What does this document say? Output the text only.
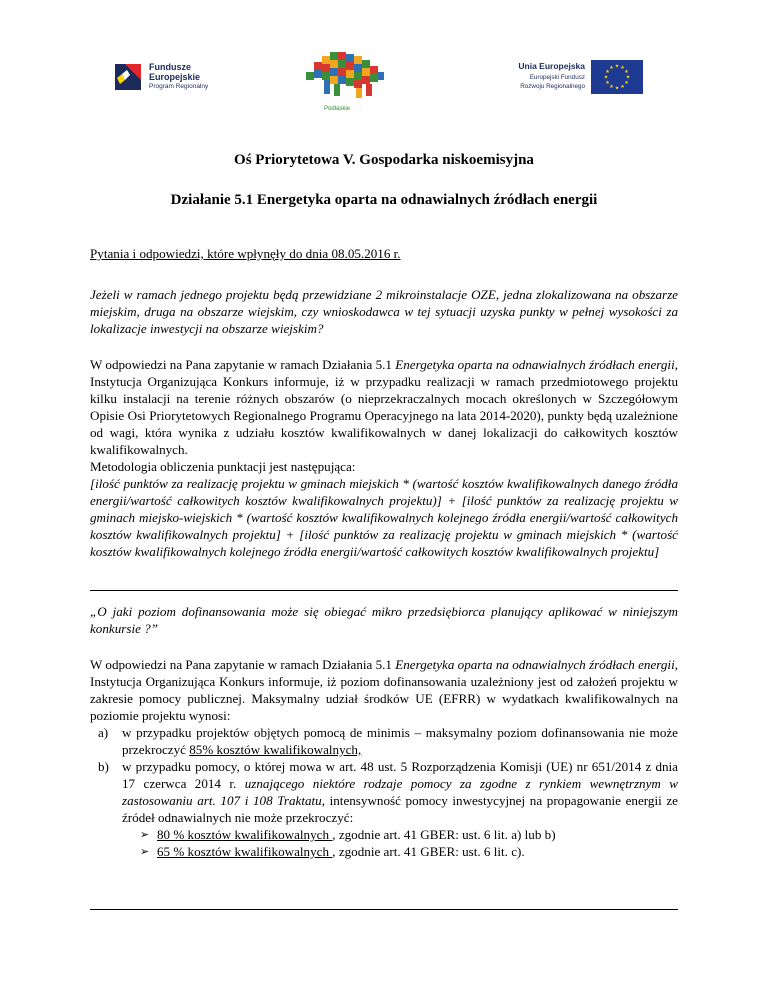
Fundusze
Europejskie
Program Regionalny
Podlaskie
Unia Europejska
Europejski Fundusz
Rozwoju Regionalnego
★ ★
★
★
★
★
★
★
★
★
★
★
Oś Priorytetowa V. Gospodarka niskoemisyjna
Działanie 5.1 Energetyka oparta na odnawialnych źródłach energii
Pytania i odpowiedzi, które wpłynęły do dnia 08.05.2016 r.
Jeżeli w ramach jednego projektu będą przewidziane 2 mikroinstalacje OZE, jedna zlokalizowana na obszarze miejskim, druga na obszarze wiejskim, czy wnioskodawca w tej sytuacji uzyska punkty w pełnej wysokości za lokalizacje inwestycji na obszarze wiejskim?

W odpowiedzi na Pana zapytanie w ramach Działania 5.1 Energetyka oparta na odnawialnych źródłach energii, Instytucja Organizująca Konkurs informuje, iż w przypadku realizacji w ramach przedmiotowego projektu kilku instalacji na terenie różnych obszarów (o nieprzekraczalnych mocach określonych w Szczegółowym Opisie Osi Priorytetowych Regionalnego Programu Operacyjnego na lata 2014-2020), punkty będą uzależnione od wagi, która wynika z udziału kosztów kwalifikowalnych w danej lokalizacji do całkowitych kosztów kwalifikowalnych.

Metodologia obliczenia punktacji jest następująca:

[ilość punktów za realizację projektu w gminach miejskich * (wartość kosztów kwalifikowalnych danego źródła energii/wartość całkowitych kosztów kwalifikowalnych projektu)] + [ilość punktów za realizację projektu w gminach miejsko-wiejskich * (wartość kosztów kwalifikowalnych kolejnego źródła energii/wartość całkowitych kosztów kwalifikowalnych projektu] + [ilość punktów za realizację projektu w gminach miejskich * (wartość kosztów kwalifikowalnych kolejnego źródła energii/wartość całkowitych kosztów kwalifikowalnych projektu]

„O jaki poziom dofinansowania może się obiegać mikro przedsiębiorca planujący aplikować w niniejszym konkursie ?”

W odpowiedzi na Pana zapytanie w ramach Działania 5.1 Energetyka oparta na odnawialnych źródłach energii, Instytucja Organizująca Konkurs informuje, iż poziom dofinansowania uzależniony jest od założeń projektu w zakresie pomocy publicznej. Maksymalny udział środków UE (EFRR) w wydatkach kwalifikowalnych na poziomie projektu wynosi:

a) w przypadku projektów objętych pomocą de minimis – maksymalny poziom dofinansowania nie może przekroczyć 85% kosztów kwalifikowalnych,
b) w przypadku pomocy, o której mowa w art. 48 ust. 5 Rozporządzenia Komisji (UE) nr 651/2014 z dnia 17 czerwca 2014 r. uznającego niektóre rodzaje pomocy za zgodne z rynkiem wewnętrznym w zastosowaniu art. 107 i 108 Traktatu, intensywność pomocy inwestycyjnej na propagowanie energii ze źródeł odnawialnych nie może przekroczyć:
➢ 80 % kosztów kwalifikowalnych , zgodnie art. 41 GBER: ust. 6 lit. a) lub b)
➢ 65 % kosztów kwalifikowalnych , zgodnie art. 41 GBER: ust. 6 lit. c).
